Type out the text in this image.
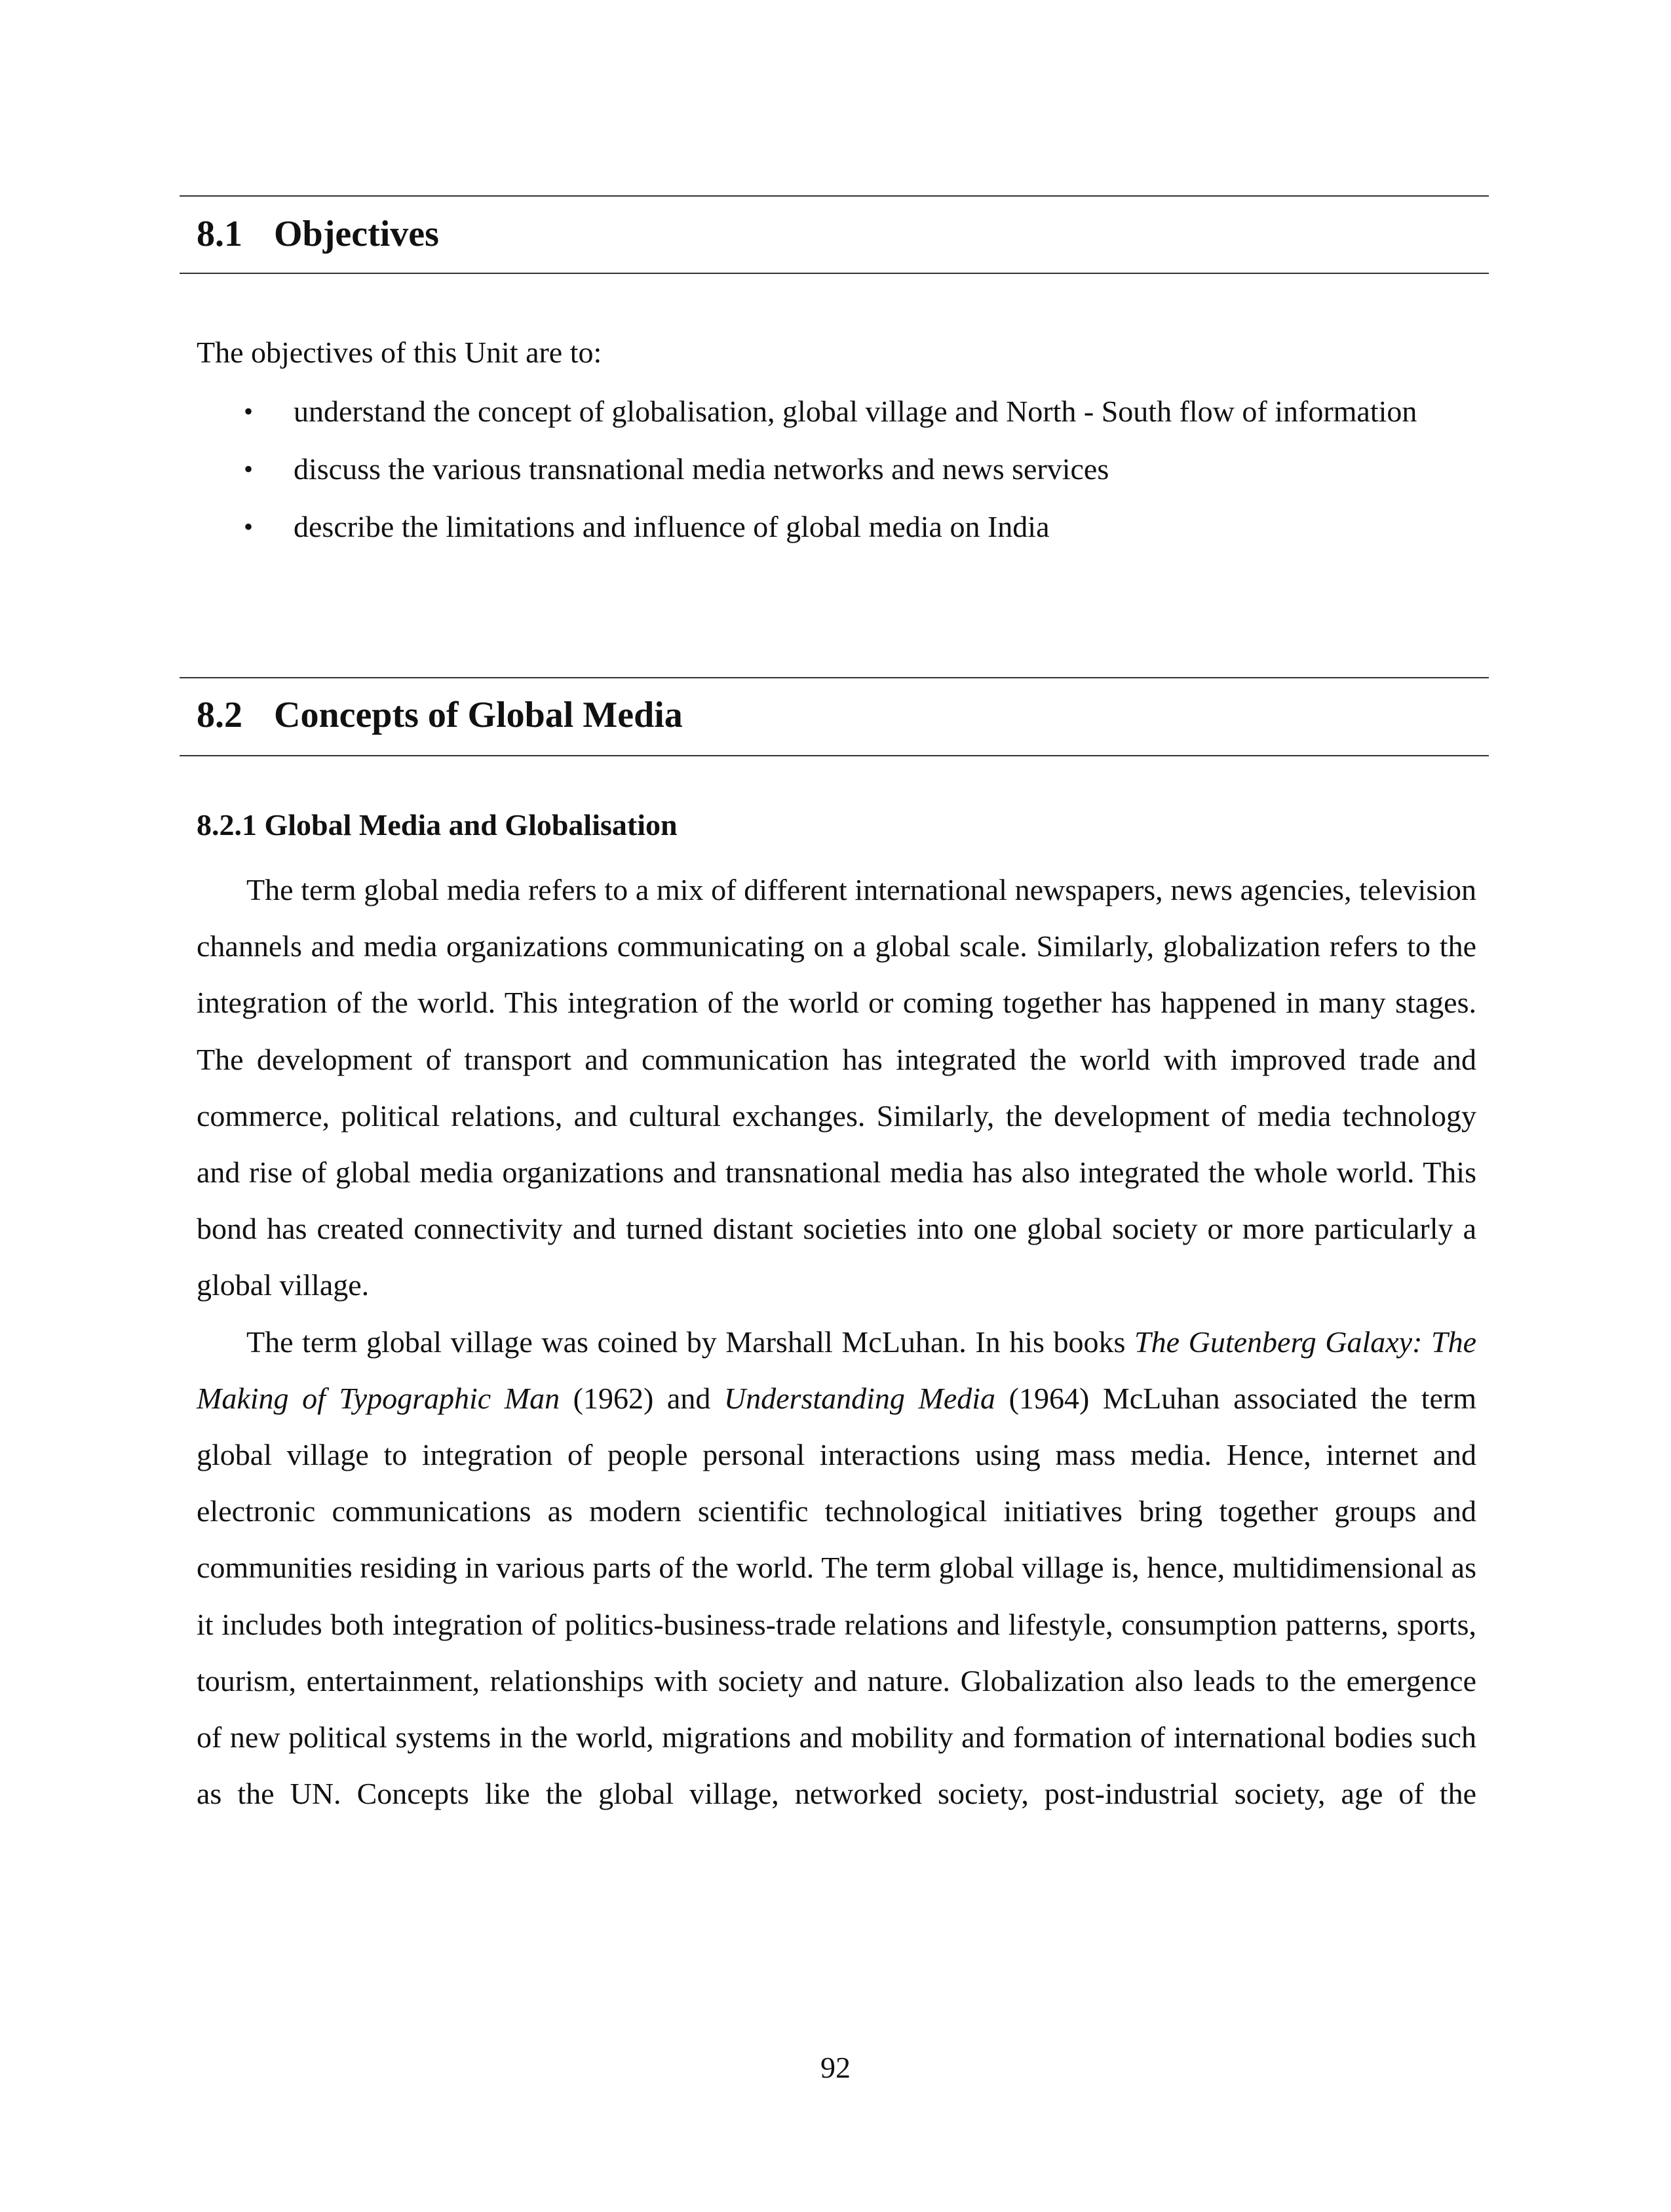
8.1 Objectives
The objectives of this Unit are to:
• understand the concept of globalisation, global village and North - South flow of information
• discuss the various transnational media networks and news services
• describe the limitations and influence of global media on India
8.2 Concepts of Global Media
8.2.1 Global Media and Globalisation

The term global media refers to a mix of different international newspapers, news agencies, television channels and media organizations communicating on a global scale. Similarly, globalization refers to the integration of the world. This integration of the world or coming together has happened in many stages. The development of transport and communication has integrated the world with improved trade and commerce, political relations, and cultural exchanges. Similarly, the development of media technology and rise of global media organizations and transnational media has also integrated the whole world. This bond has created connectivity and turned distant societies into one global society or more particularly a global village.

The term global village was coined by Marshall McLuhan. In his books The Gutenberg Galaxy: The Making of Typographic Man (1962) and Understanding Media (1964) McLuhan associated the term global village to integration of people personal interactions using mass media. Hence, internet and electronic communications as modern scientific technological initiatives bring together groups and communities residing in various parts of the world. The term global village is, hence, multidimensional as it includes both integration of politics-business-trade relations and lifestyle, consumption patterns, sports, tourism, entertainment, relationships with society and nature. Globalization also leads to the emergence of new political systems in the world, migrations and mobility and formation of international bodies such as the UN. Concepts like the global village, networked society, post-industrial society, age of the

92
